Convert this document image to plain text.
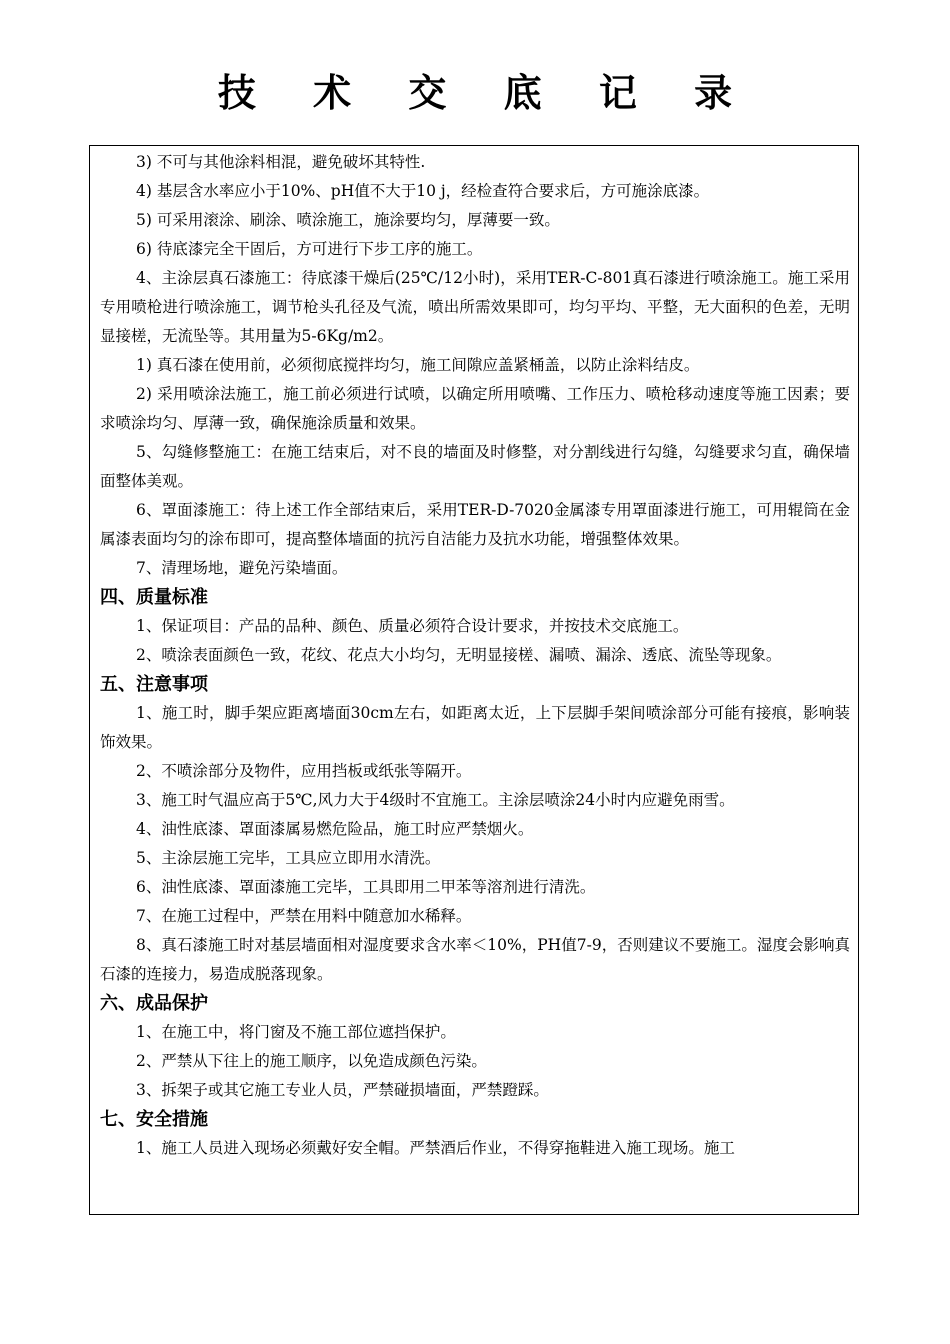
技 术 交 底 记 录
3) 不可与其他涂料相混，避免破坏其特性.
4) 基层含水率应小于10%、pH值不大于10 j，经检查符合要求后，方可施涂底漆。
5) 可采用滚涂、刷涂、喷涂施工，施涂要均匀，厚薄要一致。
6) 待底漆完全干固后，方可进行下步工序的施工。
4、主涂层真石漆施工：待底漆干燥后(25℃/12小时)，采用TER-C-801真石漆进行喷涂施工。施工采用专用喷枪进行喷涂施工，调节枪头孔径及气流，喷出所需效果即可，均匀平均、平整，无大面积的色差，无明显接槎，无流坠等。其用量为5-6Kg/m2。
1) 真石漆在使用前，必须彻底搅拌均匀，施工间隙应盖紧桶盖，以防止涂料结皮。
2) 采用喷涂法施工，施工前必须进行试喷，以确定所用喷嘴、工作压力、喷枪移动速度等施工因素；要求喷涂均匀、厚薄一致，确保施涂质量和效果。
5、勾缝修整施工：在施工结束后，对不良的墙面及时修整，对分割线进行勾缝，勾缝要求匀直，确保墙面整体美观。
6、罩面漆施工：待上述工作全部结束后，采用TER-D-7020金属漆专用罩面漆进行施工，可用辊筒在金属漆表面均匀的涂布即可，提高整体墙面的抗污自洁能力及抗水功能，增强整体效果。
7、清理场地，避免污染墙面。
四、质量标准
1、保证项目：产品的品种、颜色、质量必须符合设计要求，并按技术交底施工。
2、喷涂表面颜色一致，花纹、花点大小均匀，无明显接槎、漏喷、漏涂、透底、流坠等现象。
五、注意事项
1、施工时，脚手架应距离墙面30cm左右，如距离太近，上下层脚手架间喷涂部分可能有接痕，影响装饰效果。
2、不喷涂部分及物件，应用挡板或纸张等隔开。
3、施工时气温应高于5℃,风力大于4级时不宜施工。主涂层喷涂24小时内应避免雨雪。
4、油性底漆、罩面漆属易燃危险品，施工时应严禁烟火。
5、主涂层施工完毕，工具应立即用水清洗。
6、油性底漆、罩面漆施工完毕，工具即用二甲苯等溶剂进行清洗。
7、在施工过程中，严禁在用料中随意加水稀释。
8、真石漆施工时对基层墙面相对湿度要求含水率＜10%，PH值7-9，否则建议不要施工。湿度会影响真石漆的连接力，易造成脱落现象。
六、成品保护
1、在施工中，将门窗及不施工部位遮挡保护。
2、严禁从下往上的施工顺序，以免造成颜色污染。
3、拆架子或其它施工专业人员，严禁碰损墙面，严禁蹬踩。
七、安全措施
1、施工人员进入现场必须戴好安全帽。严禁酒后作业，不得穿拖鞋进入施工现场。施工
